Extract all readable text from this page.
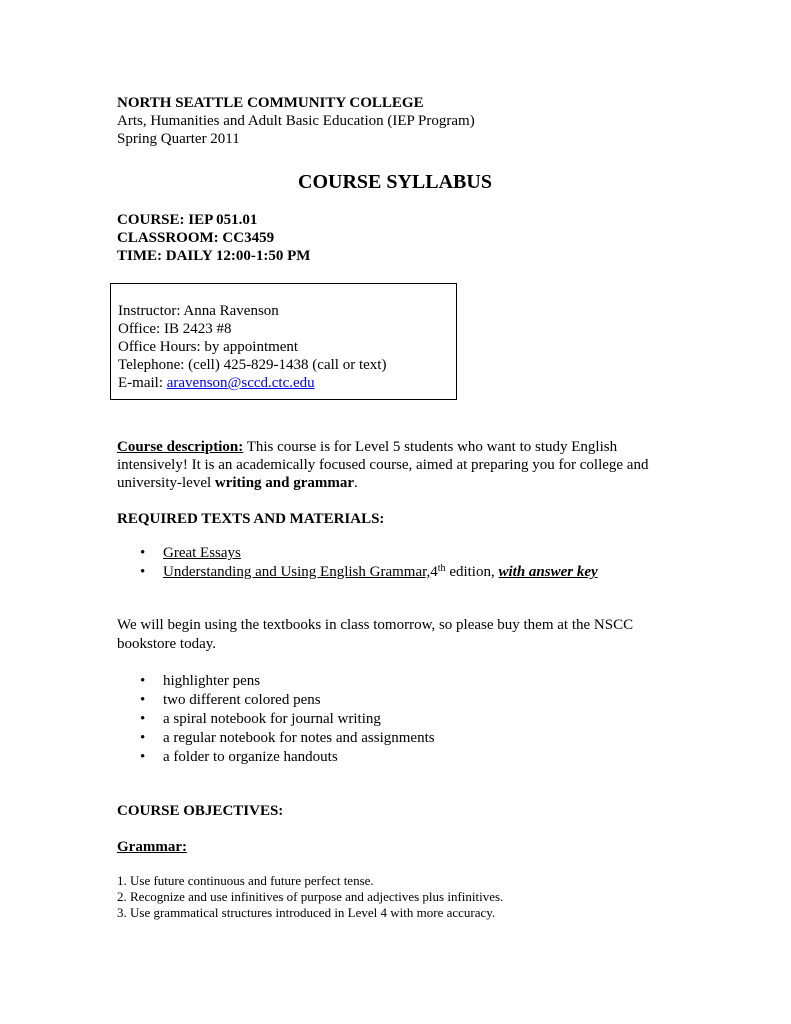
NORTH SEATTLE COMMUNITY COLLEGE
Arts, Humanities and Adult Basic Education (IEP Program)
Spring Quarter 2011
COURSE SYLLABUS
COURSE: IEP 051.01
CLASSROOM: CC3459
TIME: DAILY 12:00-1:50 PM
Instructor: Anna Ravenson
Office: IB 2423 #8
Office Hours: by appointment
Telephone: (cell) 425-829-1438 (call or text)
E-mail: aravenson@sccd.ctc.edu
Course description: This course is for Level 5 students who want to study English intensively! It is an academically focused course, aimed at preparing you for college and university-level writing and grammar.
REQUIRED TEXTS AND MATERIALS:
• Great Essays
• Understanding and Using English Grammar,4th edition, with answer key
We will begin using the textbooks in class tomorrow, so please buy them at the NSCC bookstore today.
• highlighter pens
• two different colored pens
• a spiral notebook for journal writing
• a regular notebook for notes and assignments
• a folder to organize handouts
COURSE OBJECTIVES:
Grammar:
1. Use future continuous and future perfect tense.
2. Recognize and use infinitives of purpose and adjectives plus infinitives.
3. Use grammatical structures introduced in Level 4 with more accuracy.
